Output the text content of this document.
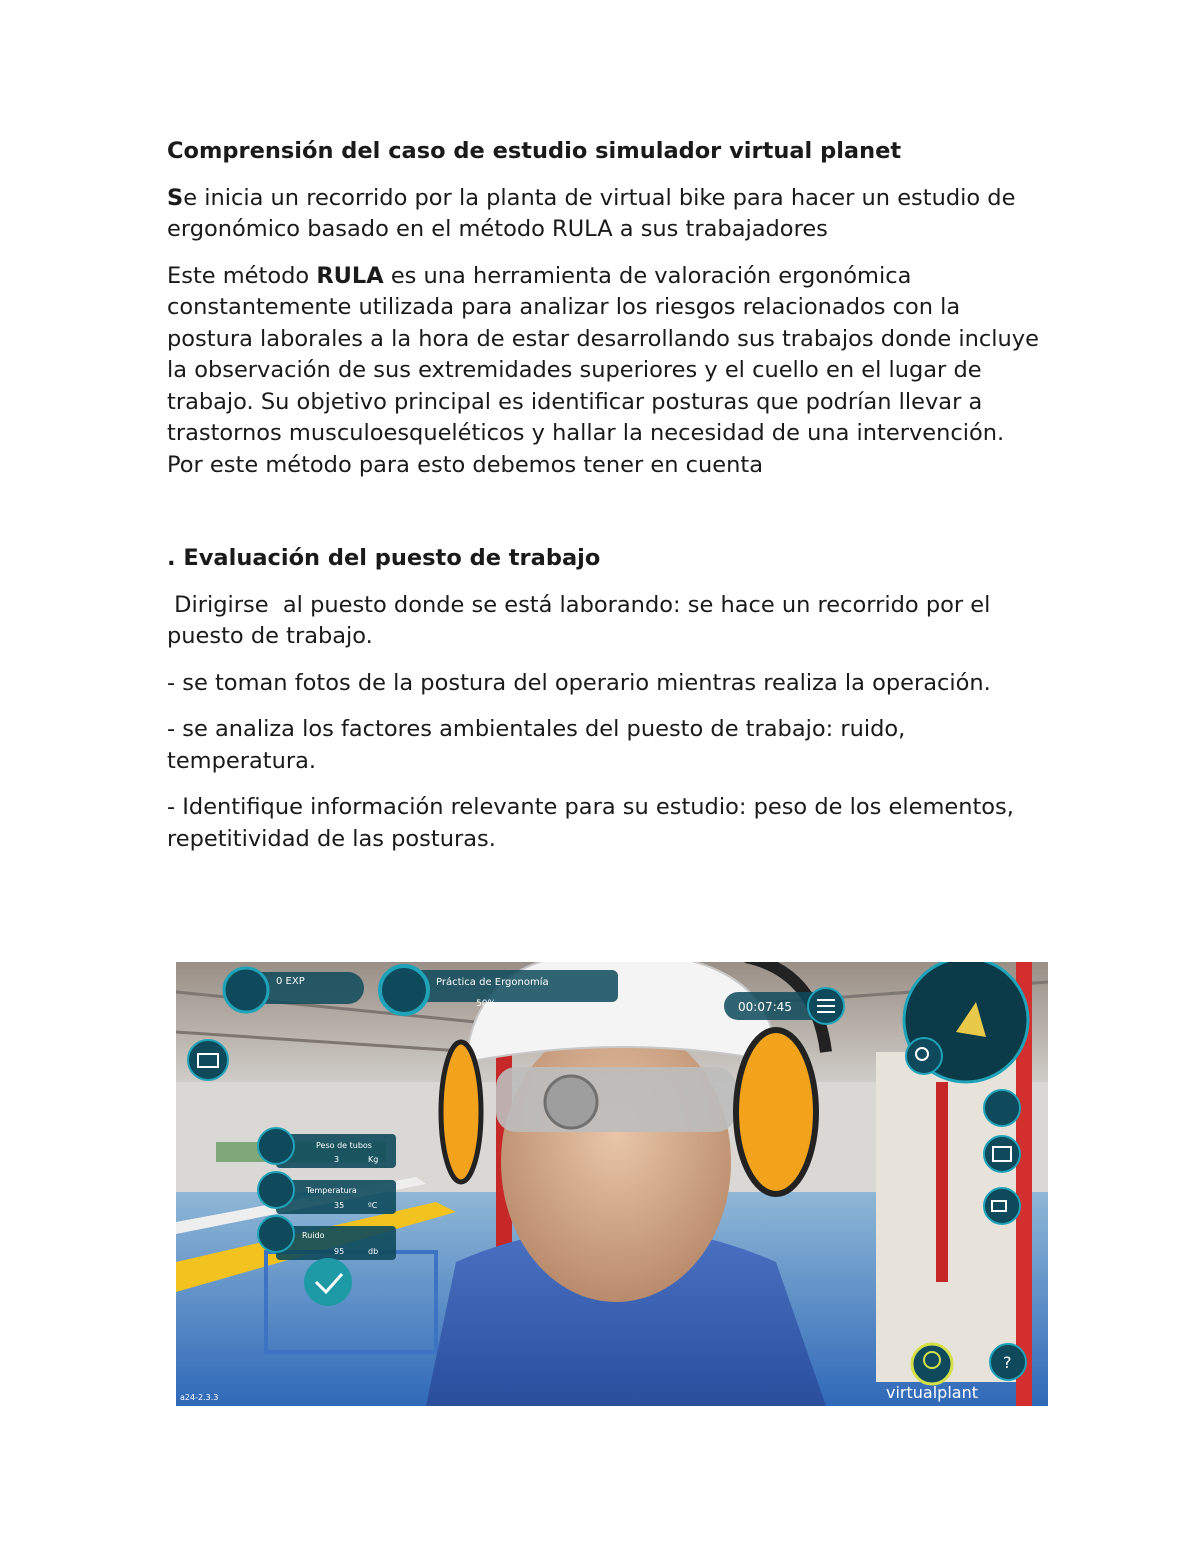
Comprensión del caso de estudio simulador virtual planet

Se inicia un recorrido por la planta de virtual bike para hacer un estudio de ergonómico basado en el método RULA a sus trabajadores

Este método RULA es una herramienta de valoración ergonómica constantemente utilizada para analizar los riesgos relacionados con la postura laborales a la hora de estar desarrollando sus trabajos donde incluye la observación de sus extremidades superiores y el cuello en el lugar de trabajo. Su objetivo principal es identificar posturas que podrían llevar a trastornos musculoesqueléticos y hallar la necesidad de una intervención. Por este método para esto debemos tener en cuenta

. Evaluación del puesto de trabajo

Dirigirse  al puesto donde se está laborando: se hace un recorrido por el puesto de trabajo.

- se toman fotos de la postura del operario mientras realiza la operación.

- se analiza los factores ambientales del puesto de trabajo: ruido, temperatura.

- Identifique información relevante para su estudio: peso de los elementos, repetitividad de las posturas.

0 EXP	Práctica de Ergonomía
50%	00:07:45
Peso de tubos
3	Kg
Temperatura
35	ºC
Ruido
95	db
?
a24-2.3.3	virtualplant
